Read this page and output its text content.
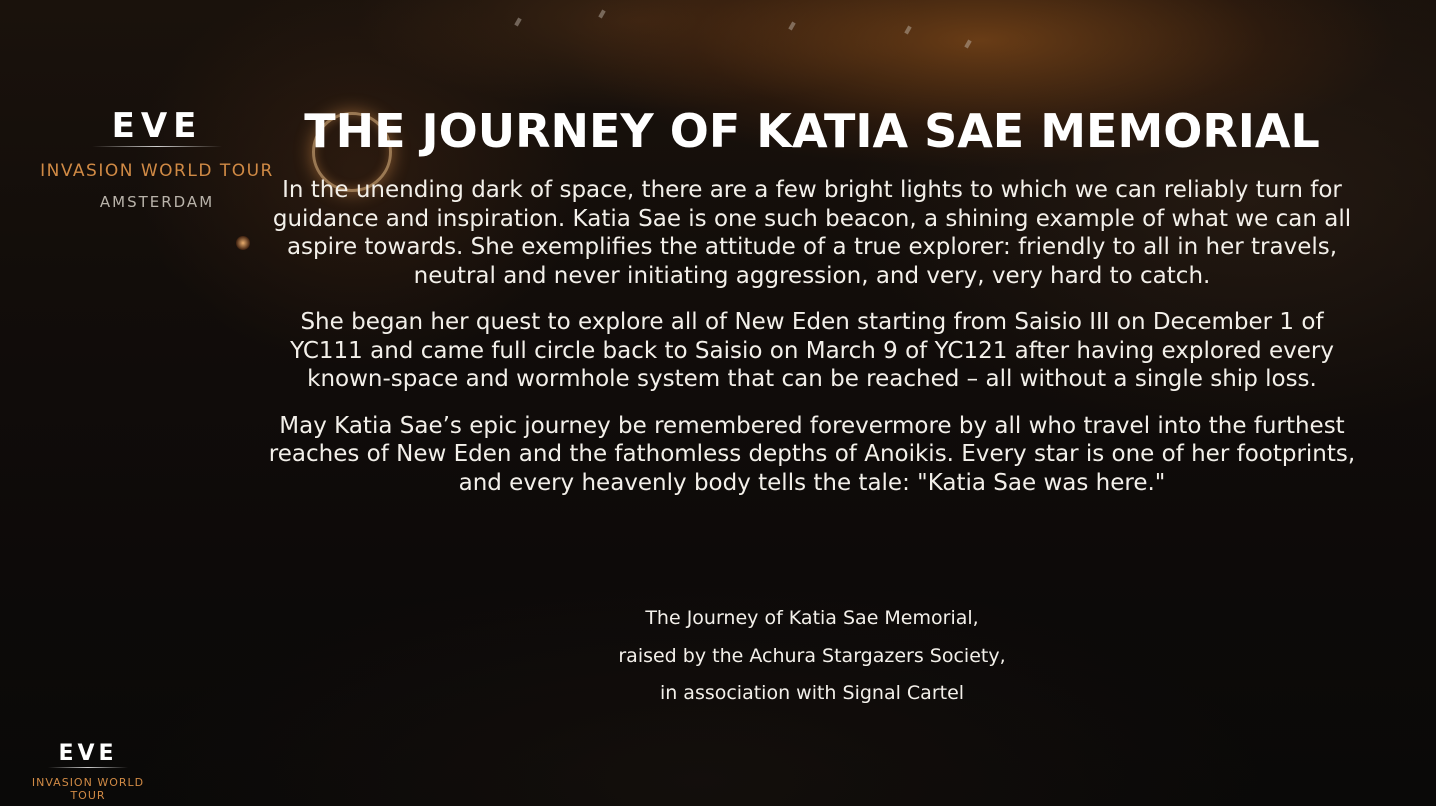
EVE
INVASION WORLD TOUR
AMSTERDAM
THE JOURNEY OF KATIA SAE MEMORIAL

In the unending dark of space, there are a few bright lights to which we can reliably turn for guidance and inspiration. Katia Sae is one such beacon, a shining example of what we can all aspire towards. She exemplifies the attitude of a true explorer: friendly to all in her travels, neutral and never initiating aggression, and very, very hard to catch.

She began her quest to explore all of New Eden starting from Saisio III on December 1 of YC111 and came full circle back to Saisio on March 9 of YC121 after having explored every known-space and wormhole system that can be reached – all without a single ship loss.

May Katia Sae’s epic journey be remembered forevermore by all who travel into the furthest reaches of New Eden and the fathomless depths of Anoikis. Every star is one of her footprints, and every heavenly body tells the tale: "Katia Sae was here."

The Journey of Katia Sae Memorial,
raised by the Achura Stargazers Society,
in association with Signal Cartel
EVE
INVASION WORLD TOUR
